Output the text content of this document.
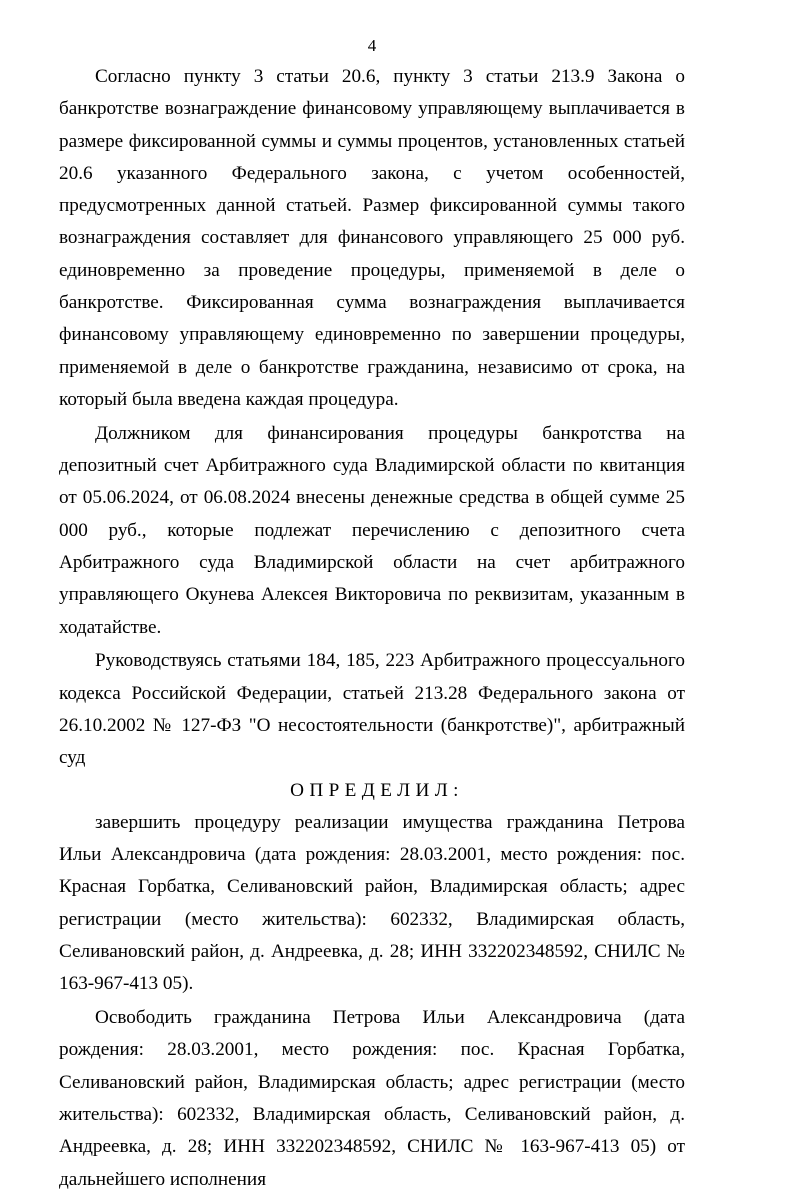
4

Согласно пункту 3 статьи 20.6, пункту 3 статьи 213.9 Закона о банкротстве вознаграждение финансовому управляющему выплачивается в размере фиксированной суммы и суммы процентов, установленных статьей 20.6 указанного Федерального закона, с учетом особенностей, предусмотренных данной статьей. Размер фиксированной суммы такого вознаграждения составляет для финансового управляющего 25 000 руб. единовременно за проведение процедуры, применяемой в деле о банкротстве. Фиксированная сумма вознаграждения выплачивается финансовому управляющему единовременно по завершении процедуры, применяемой в деле о банкротстве гражданина, независимо от срока, на который была введена каждая процедура.

Должником для финансирования процедуры банкротства на депозитный счет Арбитражного суда Владимирской области по квитанция от 05.06.2024, от 06.08.2024 внесены денежные средства в общей сумме 25 000 руб., которые подлежат перечислению с депозитного счета Арбитражного суда Владимирской области на счет арбитражного управляющего Окунева Алексея Викторовича по реквизитам, указанным в ходатайстве.

Руководствуясь статьями 184, 185, 223 Арбитражного процессуального кодекса Российской Федерации, статьей 213.28 Федерального закона от 26.10.2002 № 127-ФЗ "О несостоятельности (банкротстве)", арбитражный суд

ОПРЕДЕЛИЛ:

завершить процедуру реализации имущества гражданина Петрова Ильи Александровича (дата рождения: 28.03.2001, место рождения: пос. Красная Горбатка, Селивановский район, Владимирская область; адрес регистрации (место жительства): 602332, Владимирская область, Селивановский район, д. Андреевка, д. 28; ИНН 332202348592, СНИЛС № 163-967-413 05).

Освободить гражданина Петрова Ильи Александровича (дата рождения: 28.03.2001, место рождения: пос. Красная Горбатка, Селивановский район, Владимирская область; адрес регистрации (место жительства): 602332, Владимирская область, Селивановский район, д. Андреевка, д. 28; ИНН 332202348592, СНИЛС № 163-967-413 05) от дальнейшего исполнения
